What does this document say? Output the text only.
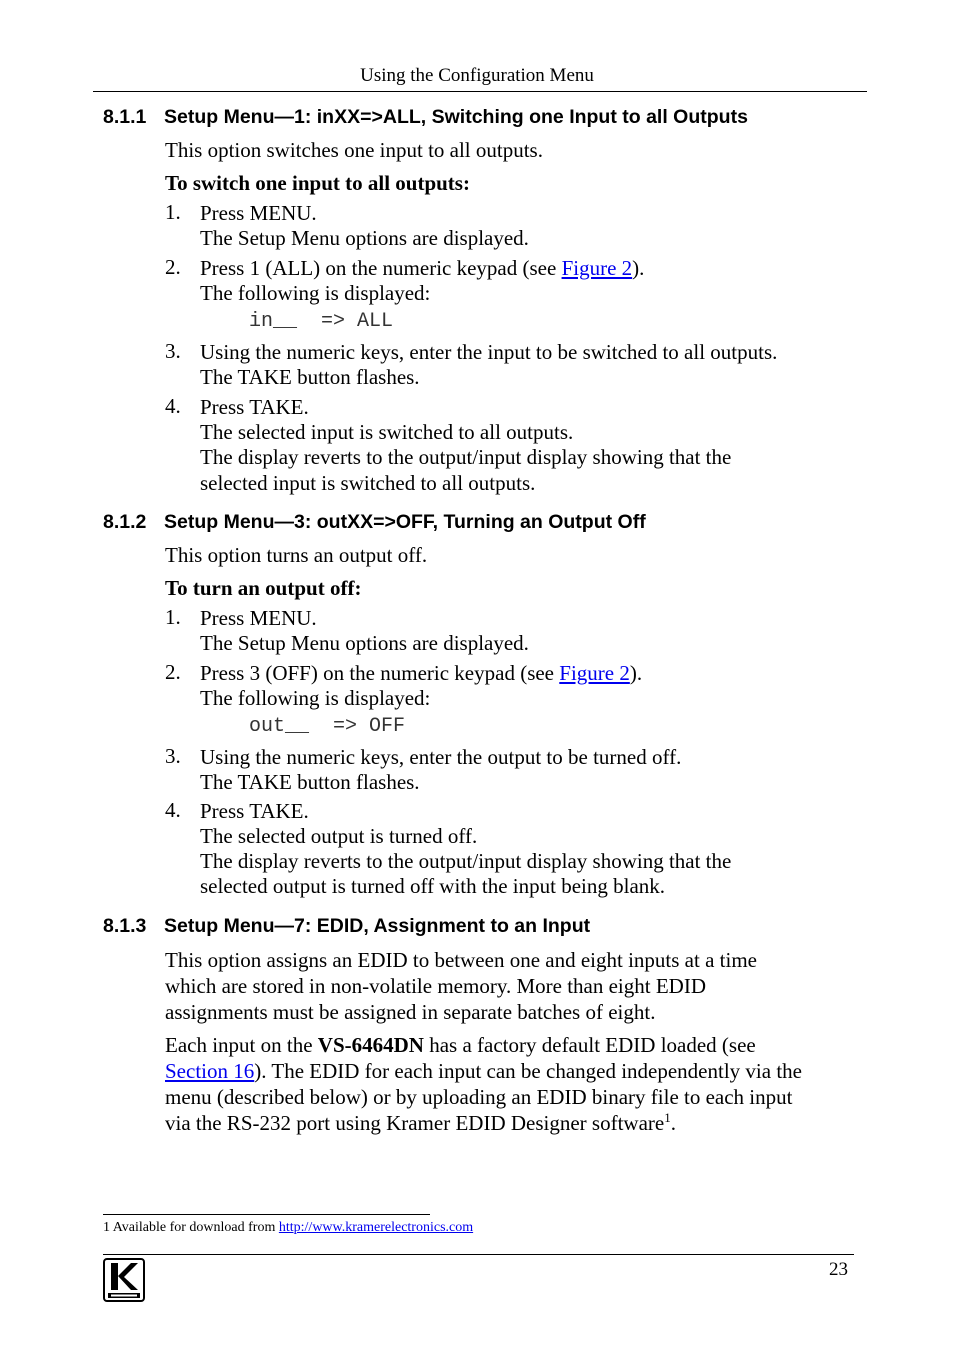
Using the Configuration Menu
8.1.1 Setup Menu—1: inXX=>ALL, Switching one Input to all Outputs
This option switches one input to all outputs.
To switch one input to all outputs:
1. Press MENU.
The Setup Menu options are displayed.
2. Press 1 (ALL) on the numeric keypad (see Figure 2).
The following is displayed:
in__  => ALL
3. Using the numeric keys, enter the input to be switched to all outputs.
The TAKE button flashes.
4. Press TAKE.
The selected input is switched to all outputs.
The display reverts to the output/input display showing that the
selected input is switched to all outputs.
8.1.2 Setup Menu—3: outXX=>OFF, Turning an Output Off
This option turns an output off.
To turn an output off:
1. Press MENU.
The Setup Menu options are displayed.
2. Press 3 (OFF) on the numeric keypad (see Figure 2).
The following is displayed:
out__  => OFF
3. Using the numeric keys, enter the output to be turned off.
The TAKE button flashes.
4. Press TAKE.
The selected output is turned off.
The display reverts to the output/input display showing that the
selected output is turned off with the input being blank.
8.1.3 Setup Menu—7: EDID, Assignment to an Input

This option assigns an EDID to between one and eight inputs at a time

which are stored in non-volatile memory. More than eight EDID

assignments must be assigned in separate batches of eight.

Each input on the VS-6464DN has a factory default EDID loaded (see

Section 16). The EDID for each input can be changed independently via the

menu (described below) or by uploading an EDID binary file to each input

via the RS-232 port using Kramer EDID Designer software$^1$.

1 Available for download from http://www.kramerelectronics.com
23
